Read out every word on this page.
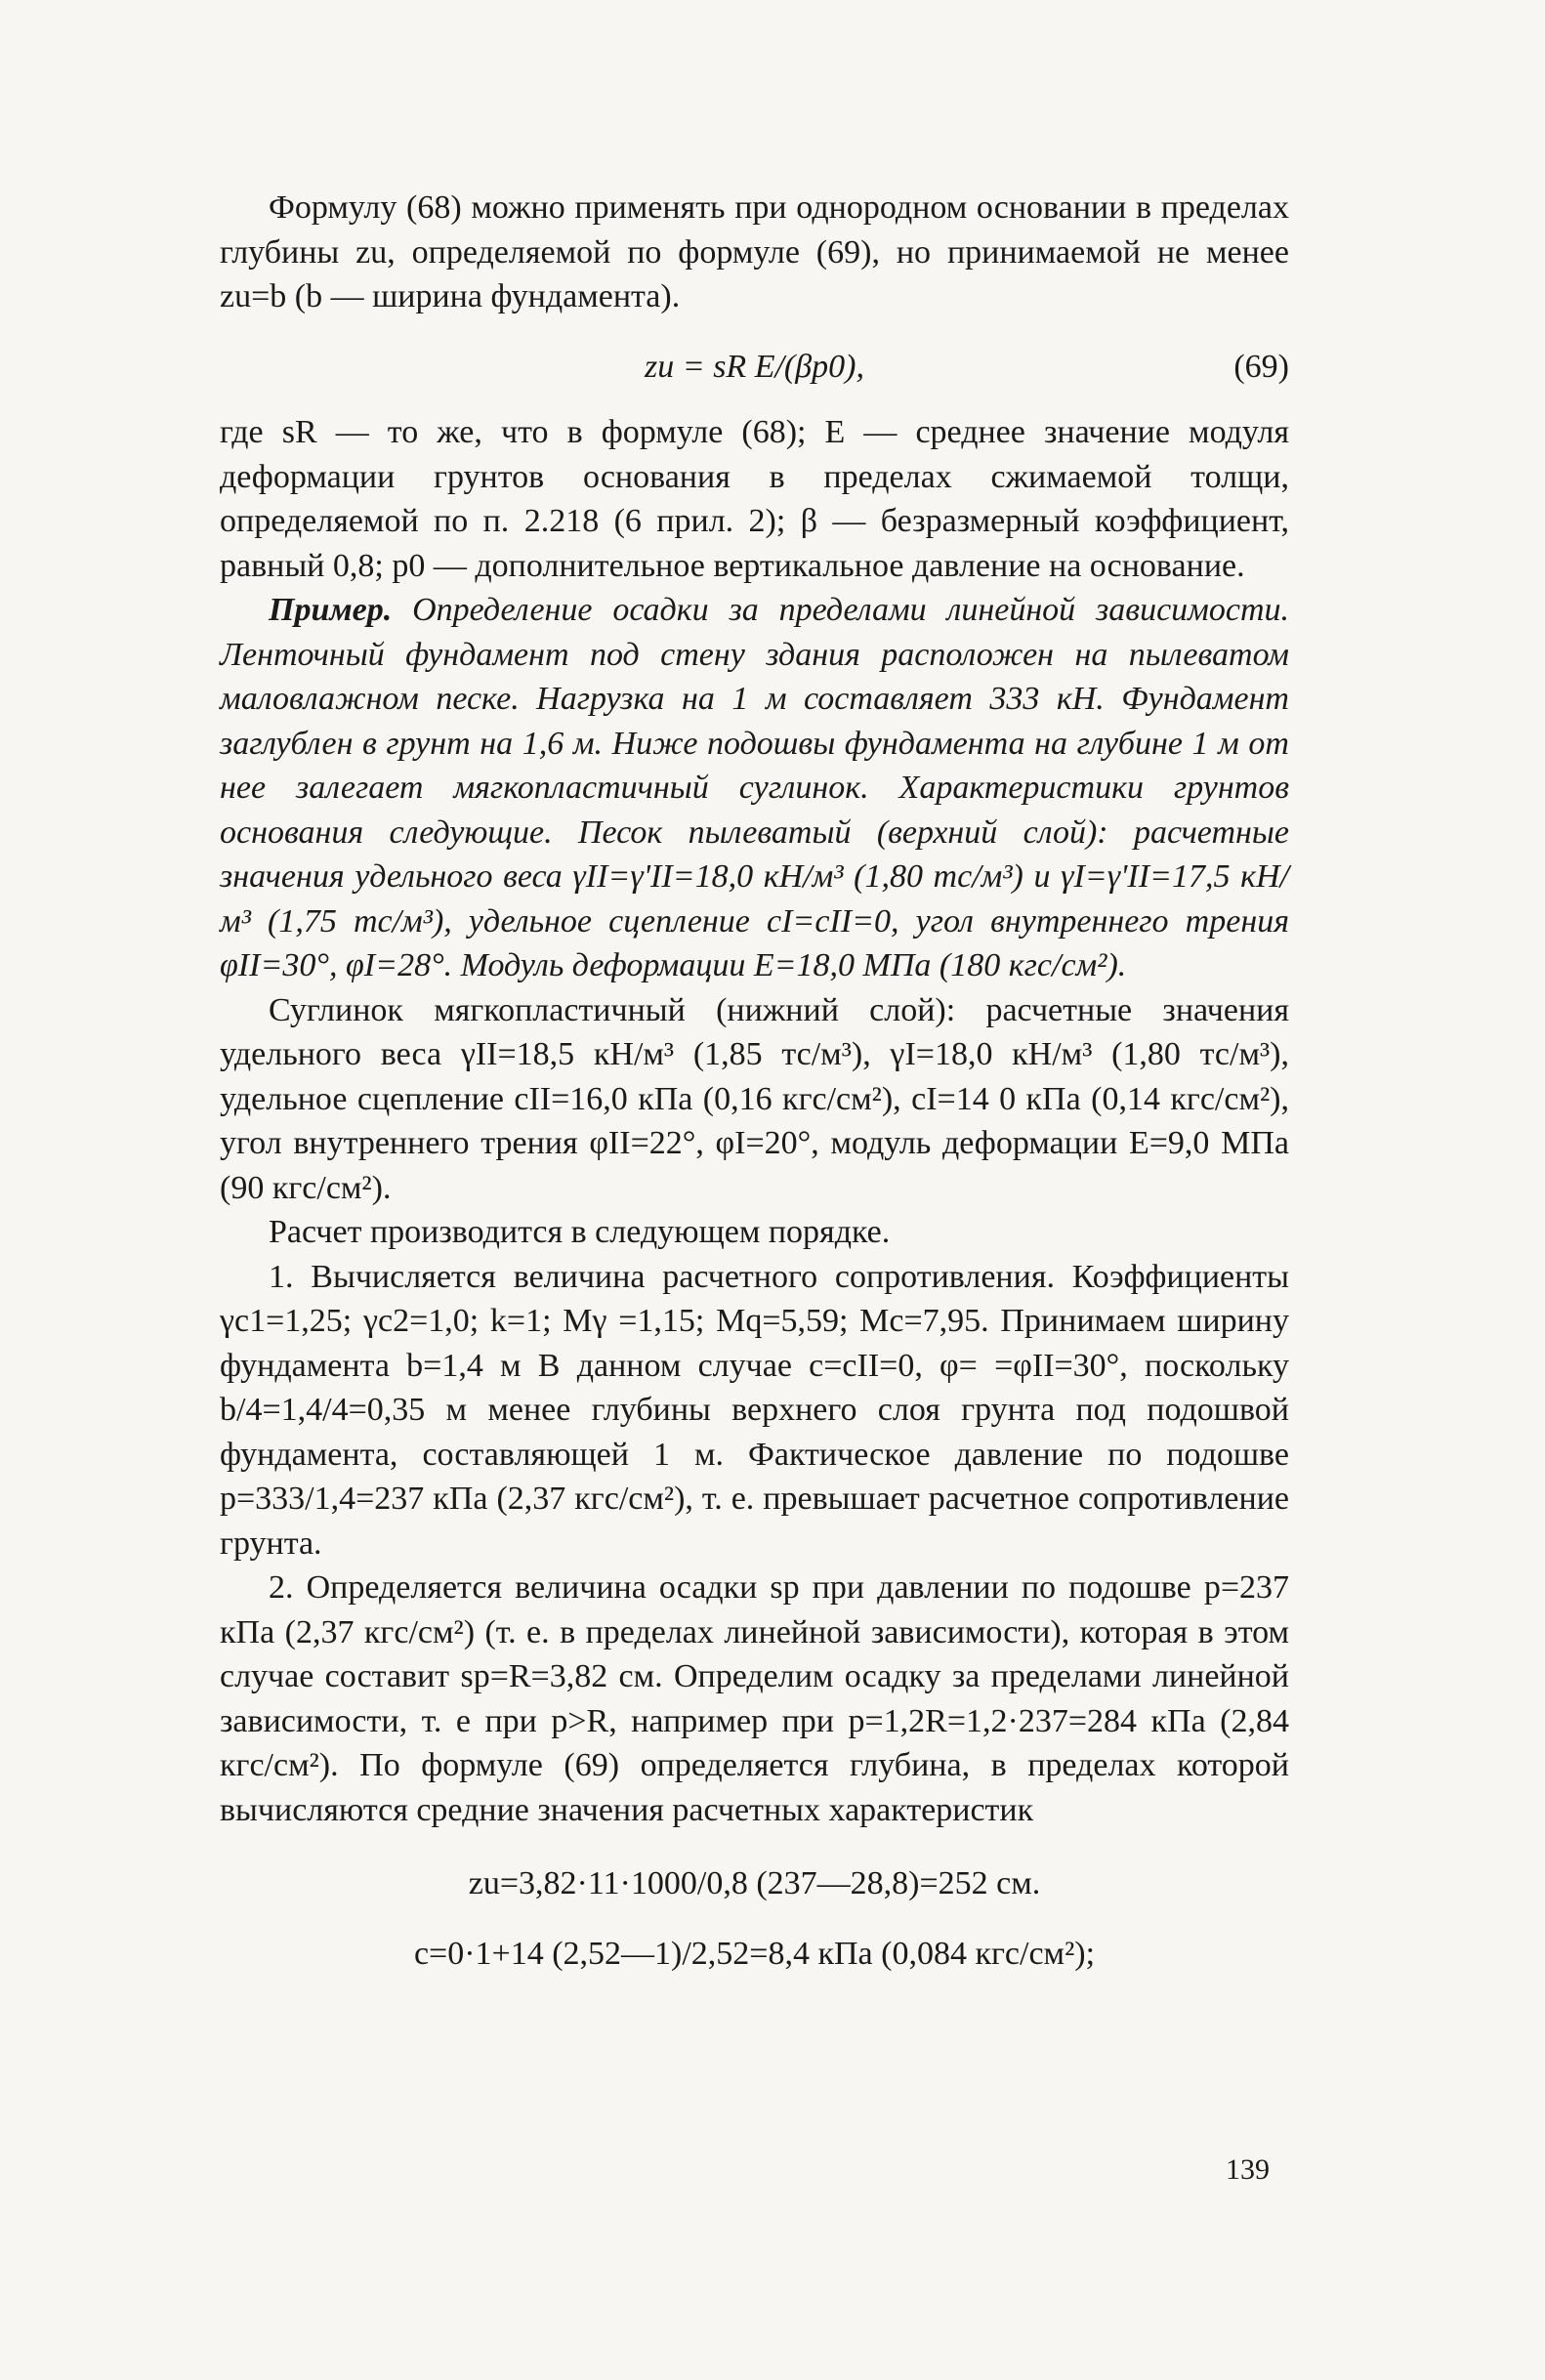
Формулу (68) можно применять при однородном основании в пределах глубины zu, определяемой по формуле (69), но принимаемой не менее zu=b (b — ширина фундамента).

zu = sR E/(βp0),	(69)

где sR — то же, что в формуле (68); E — среднее значение модуля деформации грунтов основания в пределах сжимаемой толщи, определяемой по п. 2.218 (6 прил. 2); β — безразмерный коэффициент, равный 0,8; p0 — дополнительное вертикальное давление на основание.

Пример. Определение осадки за пределами линейной зависимости. Ленточный фундамент под стену здания расположен на пылеватом маловлажном песке. Нагрузка на 1 м составляет 333 кН. Фундамент заглублен в грунт на 1,6 м. Ниже подошвы фундамента на глубине 1 м от нее залегает мягкопластичный суглинок. Характеристики грунтов основания следующие. Песок пылеватый (верхний слой): расчетные значения удельного веса γII=γ'II=18,0 кН/м³ (1,80 тс/м³) и γI=γ'II=17,5 кН/м³ (1,75 тс/м³), удельное сцепление cI=cII=0, угол внутреннего трения φII=30°, φI=28°. Модуль деформации E=18,0 МПа (180 кгс/см²).

Суглинок мягкопластичный (нижний слой): расчетные значения удельного веса γII=18,5 кН/м³ (1,85 тс/м³), γI=18,0 кН/м³ (1,80 тс/м³), удельное сцепление cII=16,0 кПа (0,16 кгс/см²), cI=14 0 кПа (0,14 кгс/см²), угол внутреннего трения φII=22°, φI=20°, модуль деформации E=9,0 МПа (90 кгс/см²).

Расчет производится в следующем порядке.

1. Вычисляется величина расчетного сопротивления. Коэффициенты γc1=1,25; γc2=1,0; k=1; Mγ =1,15; Mq=5,59; Mc=7,95. Принимаем ширину фундамента b=1,4 м В данном случае c=cII=0, φ= =φII=30°, поскольку b/4=1,4/4=0,35 м менее глубины верхнего слоя грунта под подошвой фундамента, составляющей 1 м. Фактическое давление по подошве p=333/1,4=237 кПа (2,37 кгс/см²), т. е. превышает расчетное сопротивление грунта.

2. Определяется величина осадки sp при давлении по подошве p=237 кПа (2,37 кгс/см²) (т. е. в пределах линейной зависимости), которая в этом случае составит sp=R=3,82 см. Определим осадку за пределами линейной зависимости, т. е при p>R, например при p=1,2R=1,2·237=284 кПа (2,84 кгс/см²). По формуле (69) определяется глубина, в пределах которой вычисляются средние значения расчетных характеристик

zu=3,82·11·1000/0,8 (237—28,8)=252 см.
c=0·1+14 (2,52—1)/2,52=8,4 кПа (0,084 кгс/см²);
139
